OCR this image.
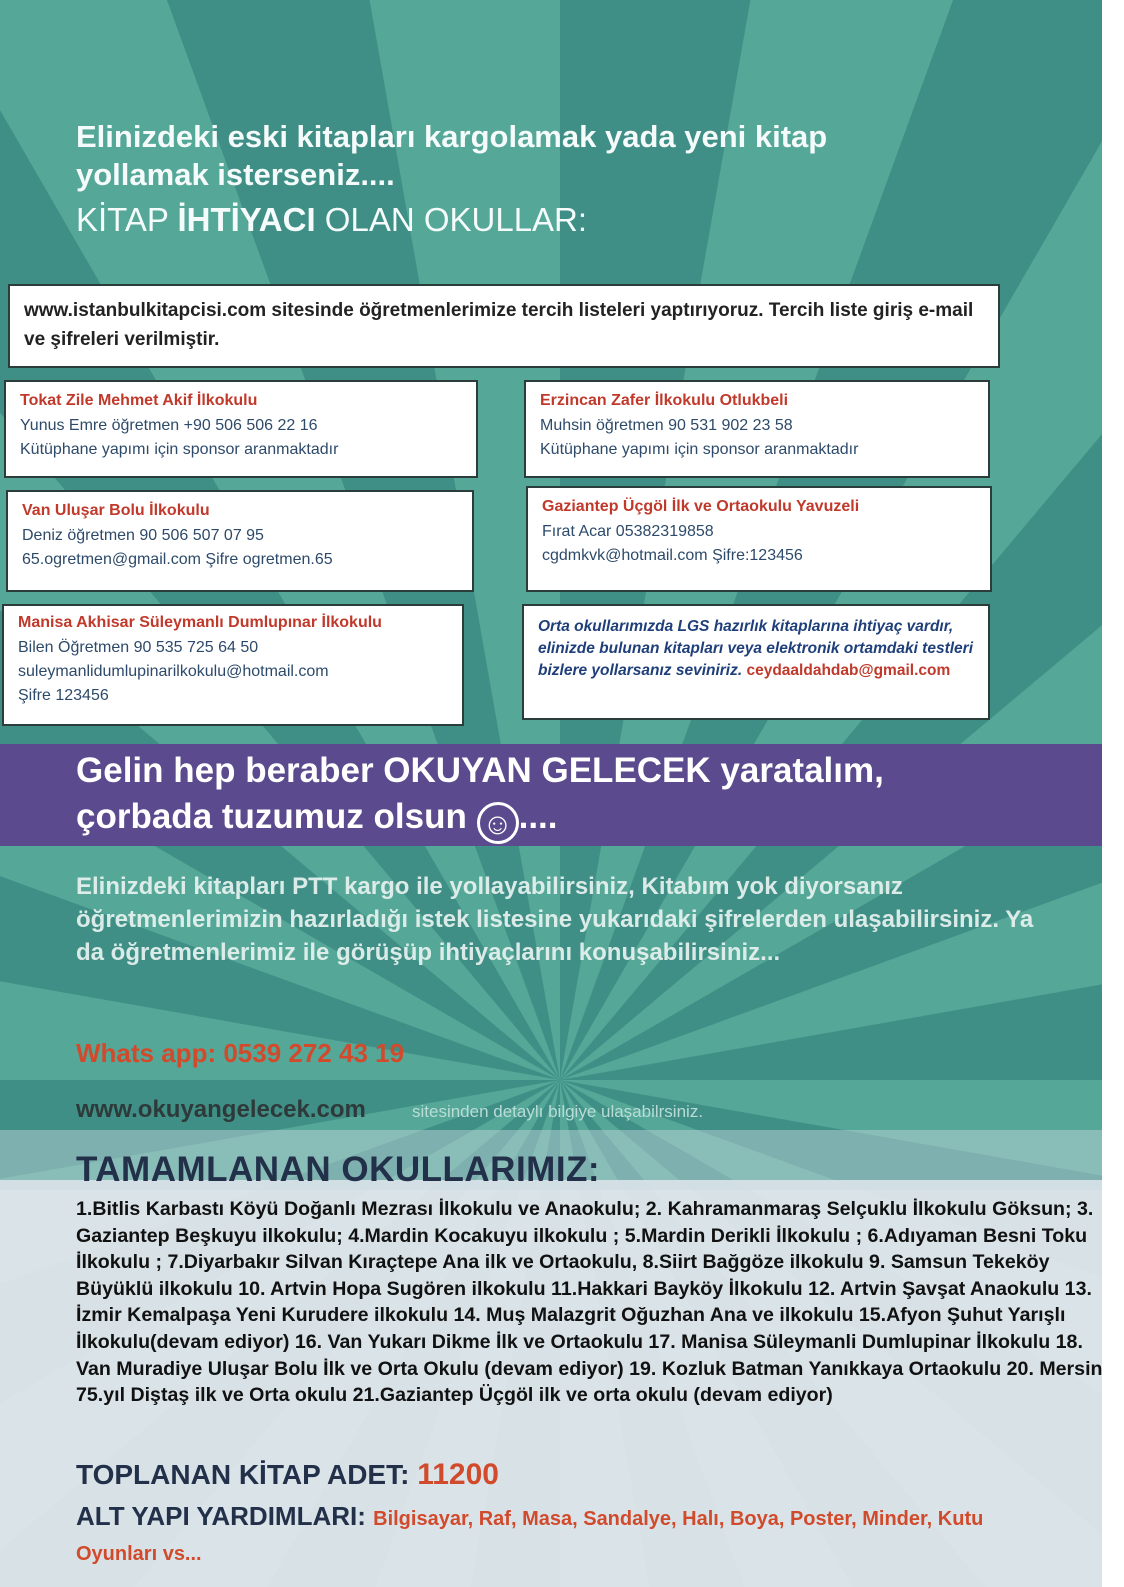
Elinizdeki eski kitapları kargolamak yada yeni kitap
yollamak isterseniz....
KİTAP İHTİYACI OLAN OKULLAR:
www.istanbulkitapcisi.com sitesinde öğretmenlerimize tercih listeleri yaptırıyoruz. Tercih liste giriş e-mail ve şifreleri verilmiştir.
Tokat Zile Mehmet Akif İlkokulu
Yunus Emre öğretmen +90 506 506 22 16
Kütüphane yapımı için sponsor aranmaktadır
Erzincan Zafer İlkokulu Otlukbeli
Muhsin öğretmen 90 531 902 23 58
Kütüphane yapımı için sponsor aranmaktadır
Van Uluşar Bolu İlkokulu
Deniz öğretmen 90 506 507 07 95
65.ogretmen@gmail.com Şifre ogretmen.65
Gaziantep Üçgöl İlk ve Ortaokulu Yavuzeli
Fırat Acar 05382319858
cgdmkvk@hotmail.com Şifre:123456
Manisa Akhisar Süleymanlı Dumlupınar İlkokulu
Bilen Öğretmen 90 535 725 64 50
suleymanlidumlupinarilkokulu@hotmail.com
Şifre 123456
Orta okullarımızda LGS hazırlık kitaplarına ihtiyaç vardır, elinizde bulunan kitapları veya elektronik ortamdaki testleri bizlere yollarsanız seviniriz. ceydaaldahdab@gmail.com
Gelin hep beraber OKUYAN GELECEK yaratalım,
çorbada tuzumuz olsun ☺ ....
Elinizdeki kitapları PTT kargo ile yollayabilirsiniz, Kitabım yok diyorsanız öğretmenlerimizin hazırladığı istek listesine yukarıdaki şifrelerden ulaşabilirsiniz. Ya da öğretmenlerimiz ile görüşüp ihtiyaçlarını konuşabilirsiniz...
Whats app: 0539 272 43 19
www.okuyangelecek.com	sitesinden detaylı bilgiye ulaşabilrsiniz.
TAMAMLANAN OKULLARIMIZ:
1.Bitlis Karbastı Köyü Doğanlı Mezrası İlkokulu ve Anaokulu; 2. Kahramanmaraş Selçuklu İlkokulu Göksun; 3. Gaziantep Beşkuyu ilkokulu; 4.Mardin Kocakuyu ilkokulu ; 5.Mardin Derikli İlkokulu ; 6.Adıyaman Besni Toku İlkokulu ; 7.Diyarbakır Silvan Kıraçtepe Ana ilk ve Ortaokulu, 8.Siirt Bağgöze ilkokulu 9. Samsun Tekeköy Büyüklü ilkokulu 10. Artvin Hopa Sugören ilkokulu 11.Hakkari Bayköy İlkokulu 12. Artvin Şavşat Anaokulu 13. İzmir Kemalpaşa Yeni Kurudere ilkokulu 14. Muş Malazgrit Oğuzhan Ana ve ilkokulu 15.Afyon Şuhut Yarışlı İlkokulu(devam ediyor) 16. Van Yukarı Dikme İlk ve Ortaokulu 17. Manisa Süleymanli Dumlupinar İlkokulu 18. Van Muradiye Uluşar Bolu İlk ve Orta Okulu (devam ediyor) 19. Kozluk Batman Yanıkkaya Ortaokulu 20. Mersin 75.yıl Diştaş ilk ve Orta okulu 21.Gaziantep Üçgöl ilk ve orta okulu (devam ediyor)
TOPLANAN KİTAP ADET: 11200
ALT YAPI YARDIMLARI: Bilgisayar, Raf, Masa, Sandalye, Halı, Boya, Poster, Minder, Kutu Oyunları vs...
